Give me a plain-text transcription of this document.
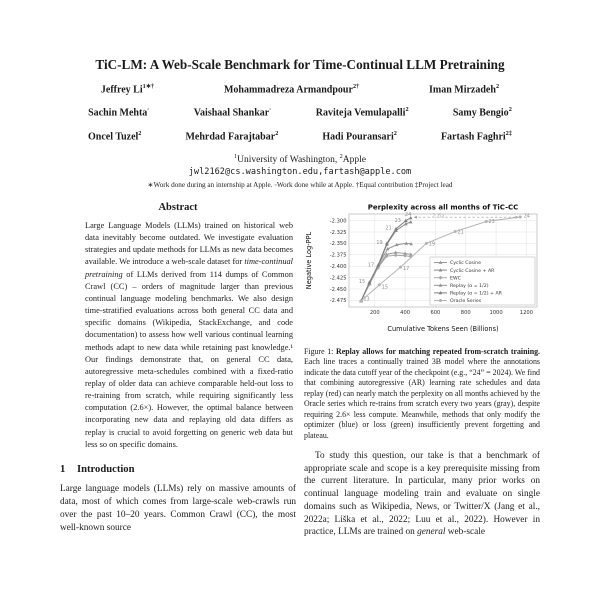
TiC-LM: A Web-Scale Benchmark for Time-Continual LLM Pretraining
Jeffrey $Li^{1∗\dagger}$	Mohammadreza Armandpour$^{2\dagger}$	Iman Mirzadeh$^2$
Sachin Mehta◦	Vaishaal Shankar◦	Raviteja Vemulapalli$^2$	Samy Bengio$^2$
Oncel Tuzel$^2$	Mehrdad Farajtabar$^2$	Hadi Pouransari$^2$	Fartash Faghri$^{2\ddagger}$
$^1$University of Washington, $^2$Apple
jwl2162@cs.washington.edu,fartash@apple.com
∗Work done during an internship at Apple. ◦Work done while at Apple. †Equal contribution ‡Project lead
Abstract

Large Language Models (LLMs) trained on historical web data inevitably become outdated. We investigate evaluation strategies and update methods for LLMs as new data becomes available. We introduce a web-scale dataset for time-continual pretraining of LLMs derived from 114 dumps of Common Crawl (CC) – orders of magnitude larger than previous continual language modeling benchmarks. We also design time-stratified evaluations across both general CC data and specific domains (Wikipedia, StackExchange, and code documentation) to assess how well various continual learning methods adapt to new data while retaining past knowledge.¹ Our findings demonstrate that, on general CC data, autoregressive meta-schedules combined with a fixed-ratio replay of older data can achieve comparable held-out loss to re-training from scratch, while requiring significantly less computation (2.6×). However, the optimal balance between incorporating new data and replaying old data differs as replay is crucial to avoid forgetting on generic web data but less so on specific domains.

1 Introduction

Large language models (LLMs) rely on massive amounts of data, most of which comes from large-scale web-crawls run over the past 10–20 years. Common Crawl (CC), the most well-known source

200	400	600	800	1000	1200
-2.300
-2.325
-2.350
-2.375
-2.400
-2.425
-2.450
-2.475
2.6x
13
15
17
19
21
23
24
15
17
19
21
23
24
Cyclic Cosine
Cyclic Cosine + AR
EWC
Replay (α = 1/2)
Replay (α = 1/2) + AR
Oracle Series
Perplexity across all months of TiC-CC
Cumulative Tokens Seen (Billions)
Negative Log-PPL

Figure 1: Replay allows for matching repeated from-scratch training. Each line traces a continually trained 3B model where the annotations indicate the data cutoff year of the checkpoint (e.g., “24” = 2024). We find that combining autoregressive (AR) learning rate schedules and data replay (red) can nearly match the perplexity on all months achieved by the Oracle series which re-trains from scratch every two years (gray), despite requiring 2.6× less compute. Meanwhile, methods that only modify the optimizer (blue) or loss (green) insufficiently prevent forgetting and plateau.

To study this question, our take is that a benchmark of appropriate scale and scope is a key prerequisite missing from the current literature. In particular, many prior works on continual language modeling train and evaluate on single domains such as Wikipedia, News, or Twitter/X (Jang et al., 2022a; Liška et al., 2022; Luu et al., 2022). However in practice, LLMs are trained on general web-scale
